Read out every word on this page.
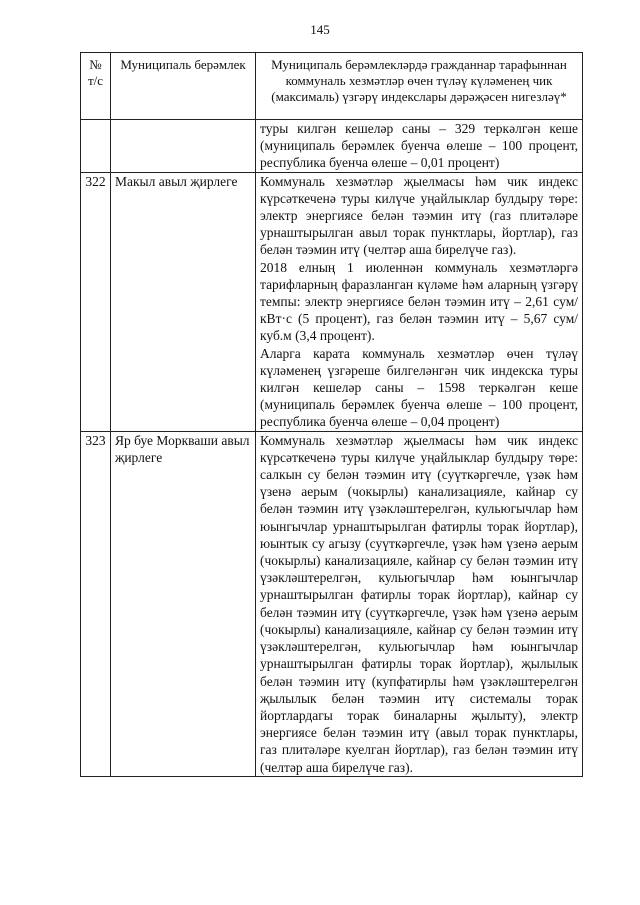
145
№ т/с	Муниципаль берәмлек	Муниципаль берәмлекләрдә гражданнар тарафыннан коммуналь хезмәтләр өчен түләү күләменең чик (максималь) үзгәрү индекслары дәрәҗәсен нигезләү*

		туры килгән кешеләр саны – 329 теркәлгән кеше (муниципаль берәмлек буенча өлеше – 100 процент, республика буенча өлеше – 0,01 процент)

322	Макыл авыл җирлеге	Коммуналь хезмәтләр җыелмасы һәм чик индекс күрсәткеченә туры килүче уңайлыклар булдыру төре: электр энергиясе белән тәэмин итү (газ плитәләре урнаштырылган авыл торак пунктлары, йортлар), газ белән тәэмин итү (челтәр аша бирелүче газ).

2018 елның 1 июленнән коммуналь хезмәтләргә тарифларның фаразланган күләме һәм аларның үзгәрү темпы: электр энергиясе белән тәэмин итү – 2,61 сум/кВт·с (5 процент), газ белән тәэмин итү – 5,67 сум/куб.м (3,4 процент).

Аларга карата коммуналь хезмәтләр өчен түләү күләменең үзгәреше билгеләнгән чик индекска туры килгән кешеләр саны – 1598 теркәлгән кеше (муниципаль берәмлек буенча өлеше – 100 процент, республика буенча өлеше – 0,04 процент)

323	Яр буе Моркваши авыл җирлеге	Коммуналь хезмәтләр җыелмасы һәм чик индекс күрсәткеченә туры килүче уңайлыклар булдыру төре: салкын су белән тәэмин итү (суүткәргечле, үзәк һәм үзенә аерым (чокырлы) канализацияле, кайнар су белән тәэмин итү үзәкләштерелгән, кульюгычлар һәм юынгычлар урнаштырылган фатирлы торак йортлар), юынтык су агызу (суүткәргечле, үзәк һәм үзенә аерым (чокырлы) канализацияле, кайнар су белән тәэмин итү үзәкләштерелгән, кульюгычлар һәм юынгычлар урнаштырылган фатирлы торак йортлар), кайнар су белән тәэмин итү (суүткәргечле, үзәк һәм үзенә аерым (чокырлы) канализацияле, кайнар су белән тәэмин итү үзәкләштерелгән, кульюгычлар һәм юынгычлар урнаштырылган фатирлы торак йортлар), җылылык белән тәэмин итү (купфатирлы һәм үзәкләштерелгән җылылык белән тәэмин итү системалы торак йортлардагы торак биналарны җылыту), электр энергиясе белән тәэмин итү (авыл торак пунктлары, газ плитәләре куелган йортлар), газ белән тәэмин итү (челтәр аша бирелүче газ).
